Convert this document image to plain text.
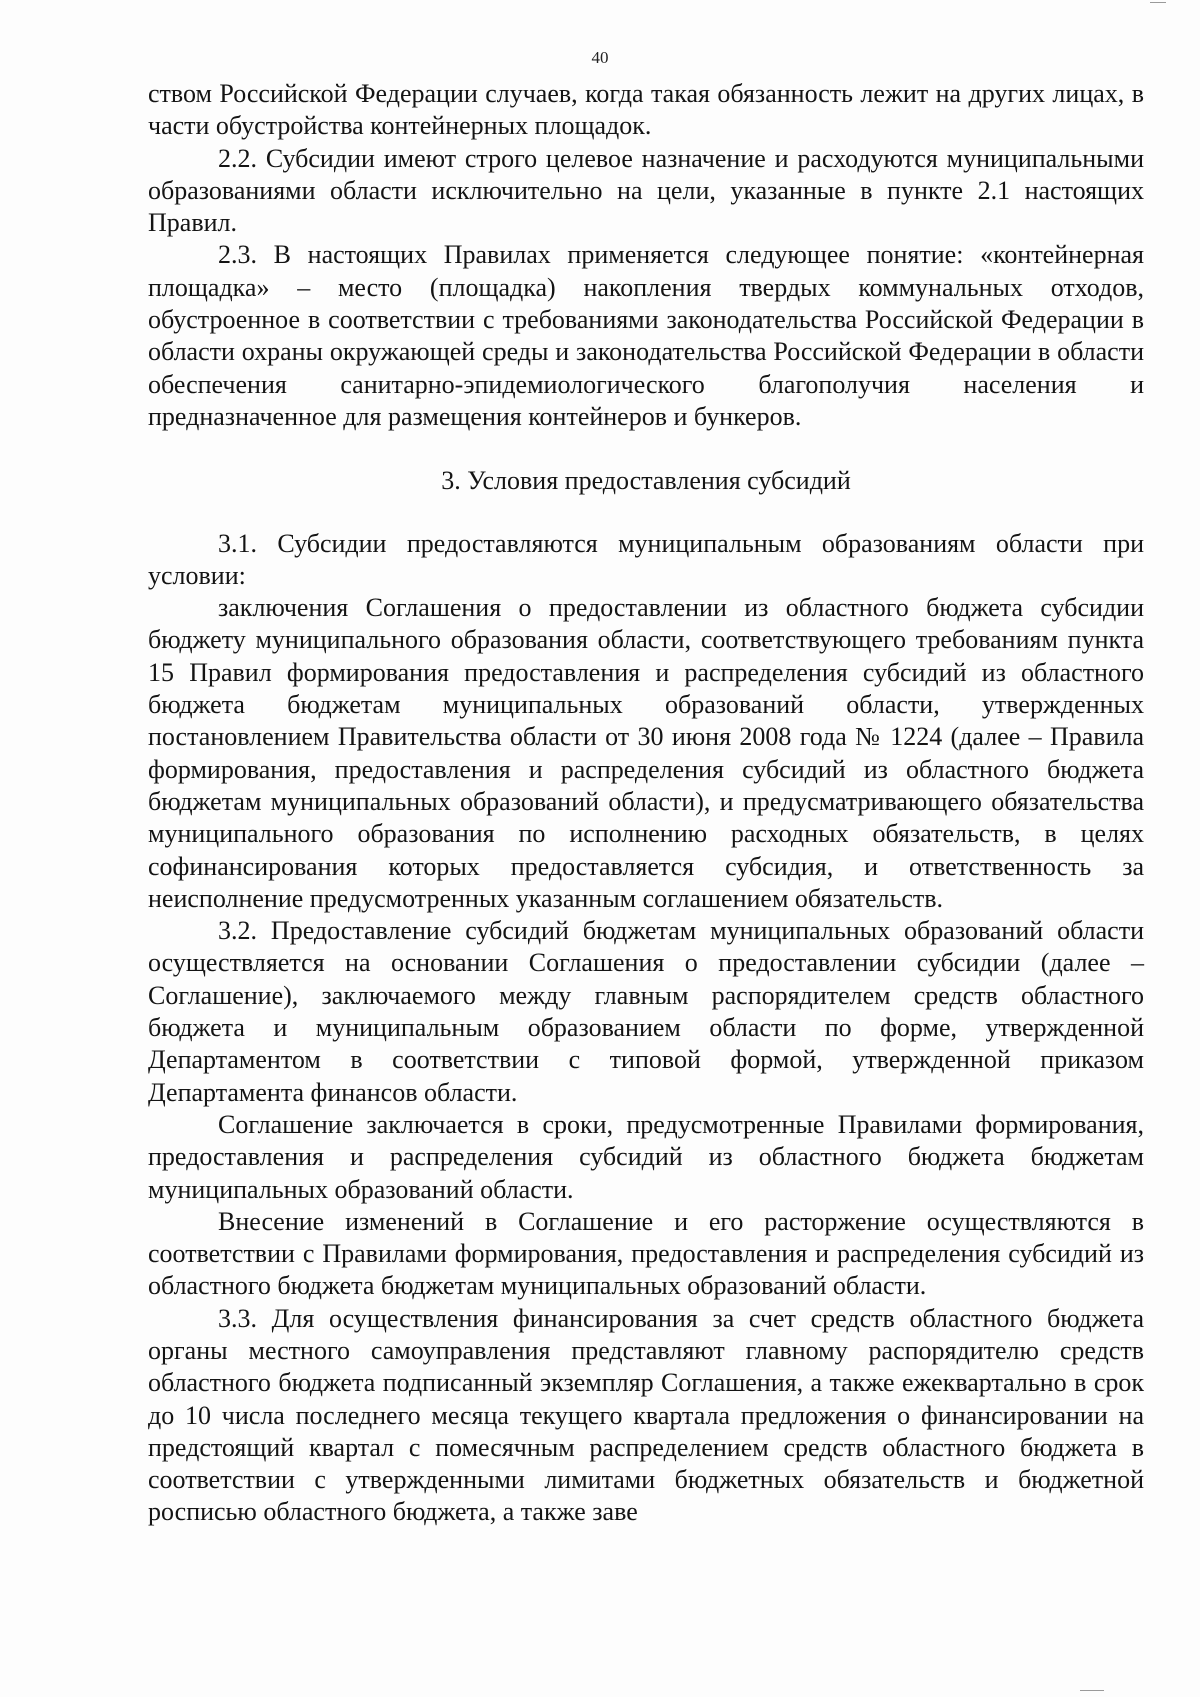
40

ством Российской Федерации случаев, когда такая обязанность лежит на других лицах, в части обустройства контейнерных площадок.

2.2. Субсидии имеют строго целевое назначение и расходуются муниципальными образованиями области исключительно на цели, указанные в пункте 2.1 настоящих Правил.

2.3. В настоящих Правилах применяется следующее понятие: «контейнерная площадка» – место (площадка) накопления твердых коммунальных отходов, обустроенное в соответствии с требованиями законодательства Российской Федерации в области охраны окружающей среды и законодательства Российской Федерации в области обеспечения санитарно-эпидемиологического благополучия населения и предназначенное для размещения контейнеров и бункеров.

3. Условия предоставления субсидий

3.1. Субсидии предоставляются муниципальным образованиям области при условии:

заключения Соглашения о предоставлении из областного бюджета субсидии бюджету муниципального образования области, соответствующего требованиям пункта 15 Правил формирования предоставления и распределения субсидий из областного бюджета бюджетам муниципальных образований области, утвержденных постановлением Правительства области от 30 июня 2008 года № 1224 (далее – Правила формирования, предоставления и распределения субсидий из областного бюджета бюджетам муниципальных образований области), и предусматривающего обязательства муниципального образования по исполнению расходных обязательств, в целях софинансирования которых предоставляется субсидия, и ответственность за неисполнение предусмотренных указанным соглашением обязательств.

3.2. Предоставление субсидий бюджетам муниципальных образований области осуществляется на основании Соглашения о предоставлении субсидии (далее – Соглашение), заключаемого между главным распорядителем средств областного бюджета и муниципальным образованием области по форме, утвержденной Департаментом в соответствии с типовой формой, утвержденной приказом Департамента финансов области.

Соглашение заключается в сроки, предусмотренные Правилами формирования, предоставления и распределения субсидий из областного бюджета бюджетам муниципальных образований области.

Внесение изменений в Соглашение и его расторжение осуществляются в соответствии с Правилами формирования, предоставления и распределения субсидий из областного бюджета бюджетам муниципальных образований области.

3.3. Для осуществления финансирования за счет средств областного бюджета органы местного самоуправления представляют главному распорядителю средств областного бюджета подписанный экземпляр Соглашения, а также ежеквартально в срок до 10 числа последнего месяца текущего квартала предложения о финансировании на предстоящий квартал с помесячным распределением средств областного бюджета в соответствии с утвержденными лимитами бюджетных обязательств и бюджетной росписью областного бюджета, а также заве
